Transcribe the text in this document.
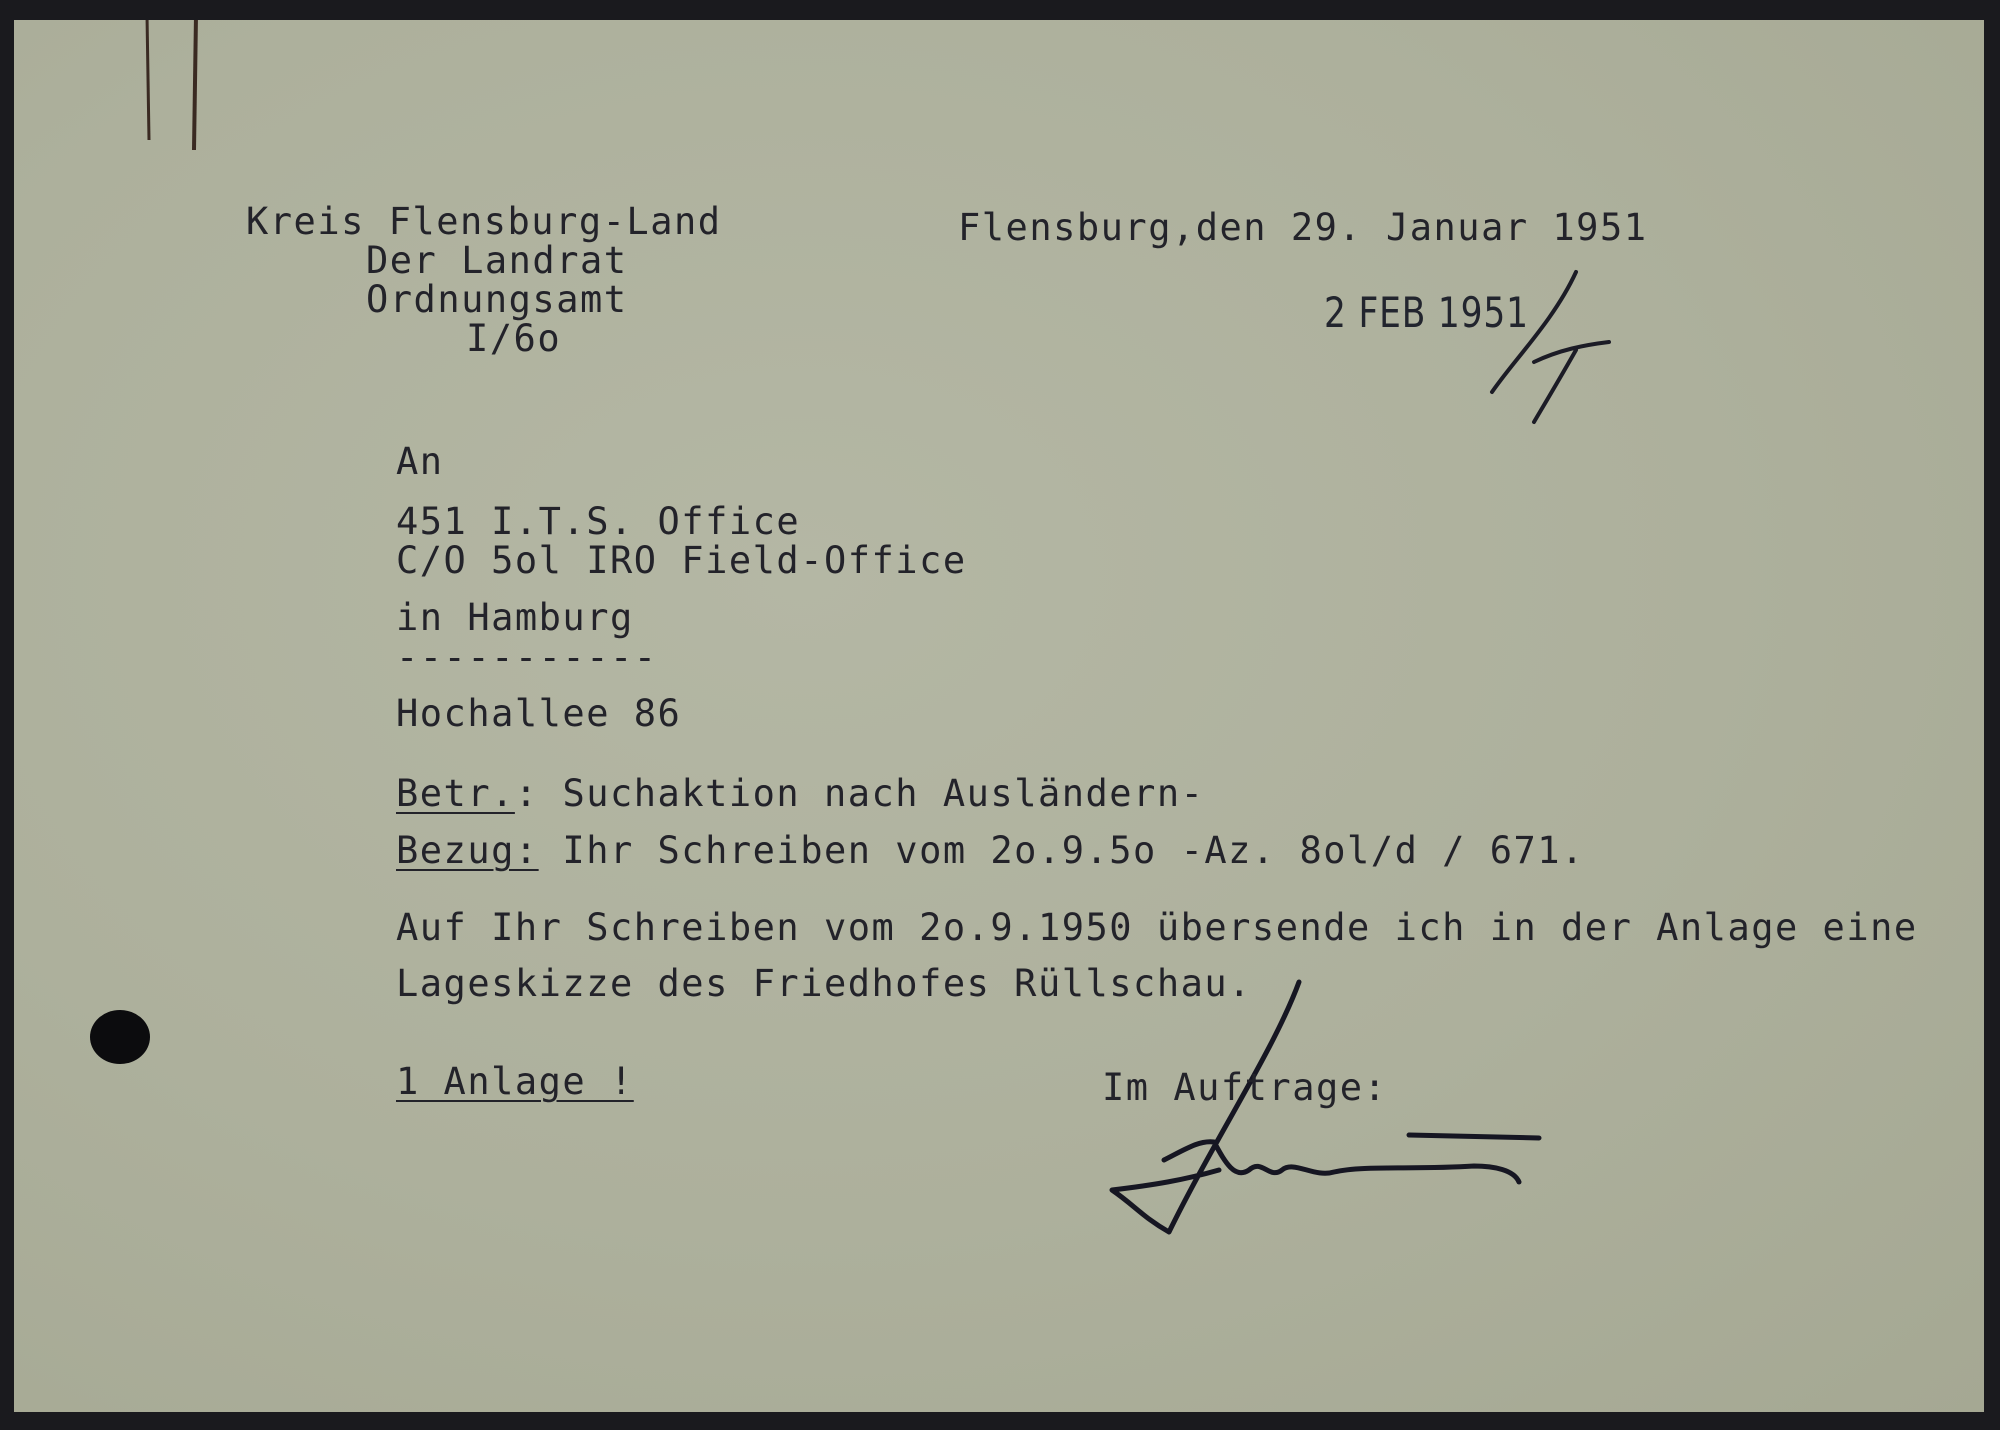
Kreis Flensburg-Land

Der Landrat

Ordnungsamt

I/6o

Flensburg,den 29. Januar 1951

2 FEB 1951

An

451 I.T.S. Office

C/O 5ol IRO Field-Office

in Hamburg

-----------

Hochallee 86

Betr.: Suchaktion nach Ausländern-

Bezug: Ihr Schreiben vom 2o.9.5o -Az. 8ol/d / 671.

Auf Ihr Schreiben vom 2o.9.1950 übersende ich in der Anlage eine

Lageskizze des Friedhofes Rüllschau.

1 Anlage !	Im Auftrage:
